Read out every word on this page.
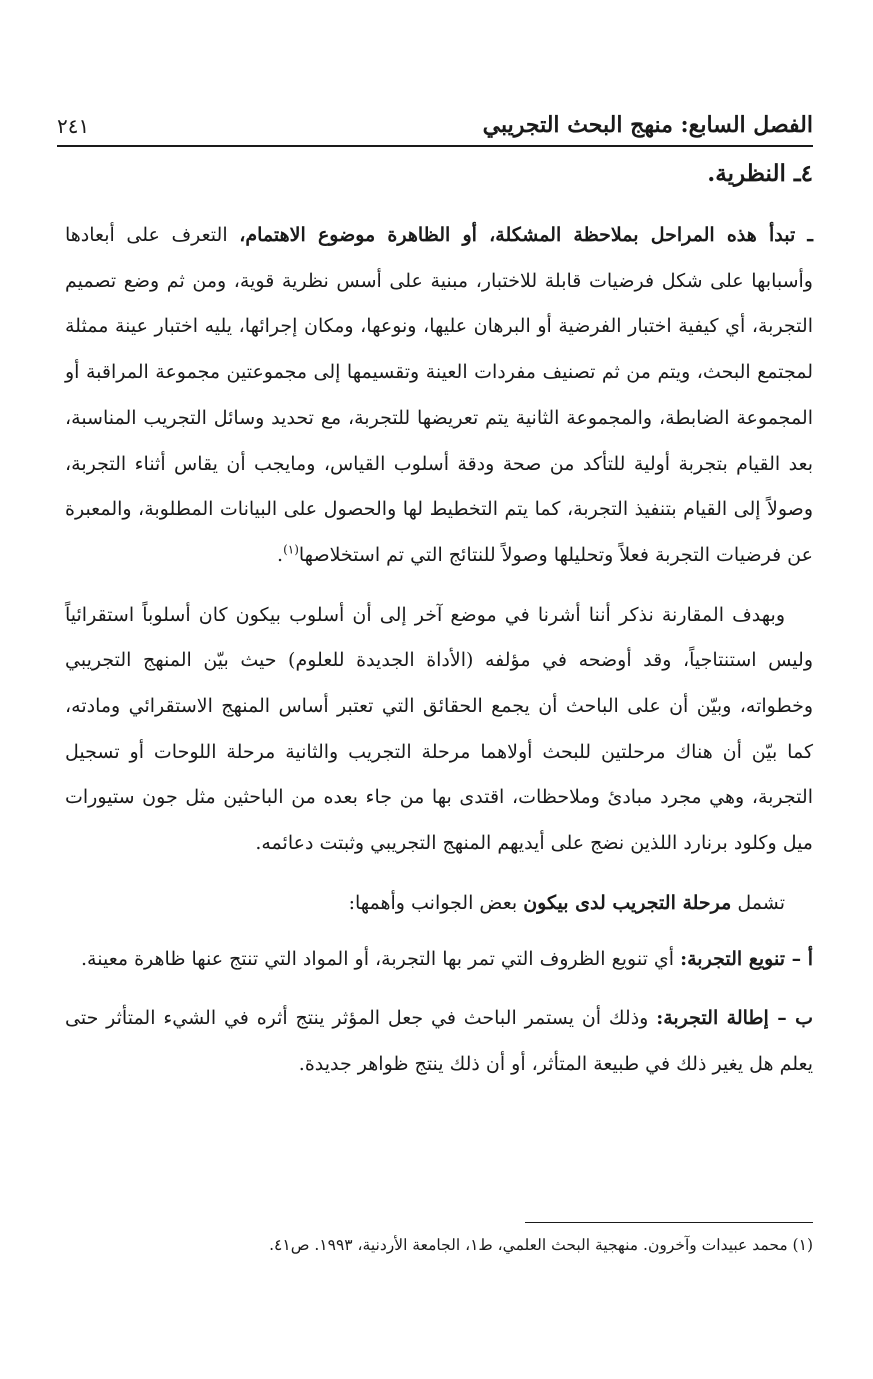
الفصل السابع: منهج البحث التجريبي
٢٤١
٤ـ النظرية.

ـ تبدأ هذه المراحل بملاحظة المشكلة، أو الظاهرة موضوع الاهتمام، التعرف على أبعادها وأسبابها على شكل فرضيات قابلة للاختبار، مبنية على أسس نظرية قوية، ومن ثم وضع تصميم التجربة، أي كيفية اختبار الفرضية أو البرهان عليها، ونوعها، ومكان إجرائها، يليه اختبار عينة ممثلة لمجتمع البحث، ويتم من ثم تصنيف مفردات العينة وتقسيمها إلى مجموعتين مجموعة المراقبة أو المجموعة الضابطة، والمجموعة الثانية يتم تعريضها للتجربة، مع تحديد وسائل التجريب المناسبة، بعد القيام بتجربة أولية للتأكد من صحة ودقة أسلوب القياس، ومايجب أن يقاس أثناء التجربة، وصولاً إلى القيام بتنفيذ التجربة، كما يتم التخطيط لها والحصول على البيانات المطلوبة، والمعبرة عن فرضيات التجربة فعلاً وتحليلها وصولاً للنتائج التي تم استخلاصها$^{(١)}$.

وبهدف المقارنة نذكر أننا أشرنا في موضع آخر إلى أن أسلوب بيكون كان أسلوباً استقرائياً وليس استنتاجياً، وقد أوضحه في مؤلفه (الأداة الجديدة للعلوم) حيث بيّن المنهج التجريبي وخطواته، وبيّن أن على الباحث أن يجمع الحقائق التي تعتبر أساس المنهج الاستقرائي ومادته، كما بيّن أن هناك مرحلتين للبحث أولاهما مرحلة التجريب والثانية مرحلة اللوحات أو تسجيل التجربة، وهي مجرد مبادئ وملاحظات، اقتدى بها من جاء بعده من الباحثين مثل جون ستيورات ميل وكلود برنارد اللذين نضج على أيديهم المنهج التجريبي وثبتت دعائمه.

تشمل مرحلة التجريب لدى بيكون بعض الجوانب وأهمها:

أ – تنويع التجربة: أي تنويع الظروف التي تمر بها التجربة، أو المواد التي تنتج عنها ظاهرة معينة.

ب – إطالة التجربة: وذلك أن يستمر الباحث في جعل المؤثر ينتج أثره في الشيء المتأثر حتى يعلم هل يغير ذلك في طبيعة المتأثر، أو أن ذلك ينتج ظواهر جديدة.

(١) محمد عبيدات وآخرون. منهجية البحث العلمي، ط١، الجامعة الأردنية، ١٩٩٣. ص٤١.
